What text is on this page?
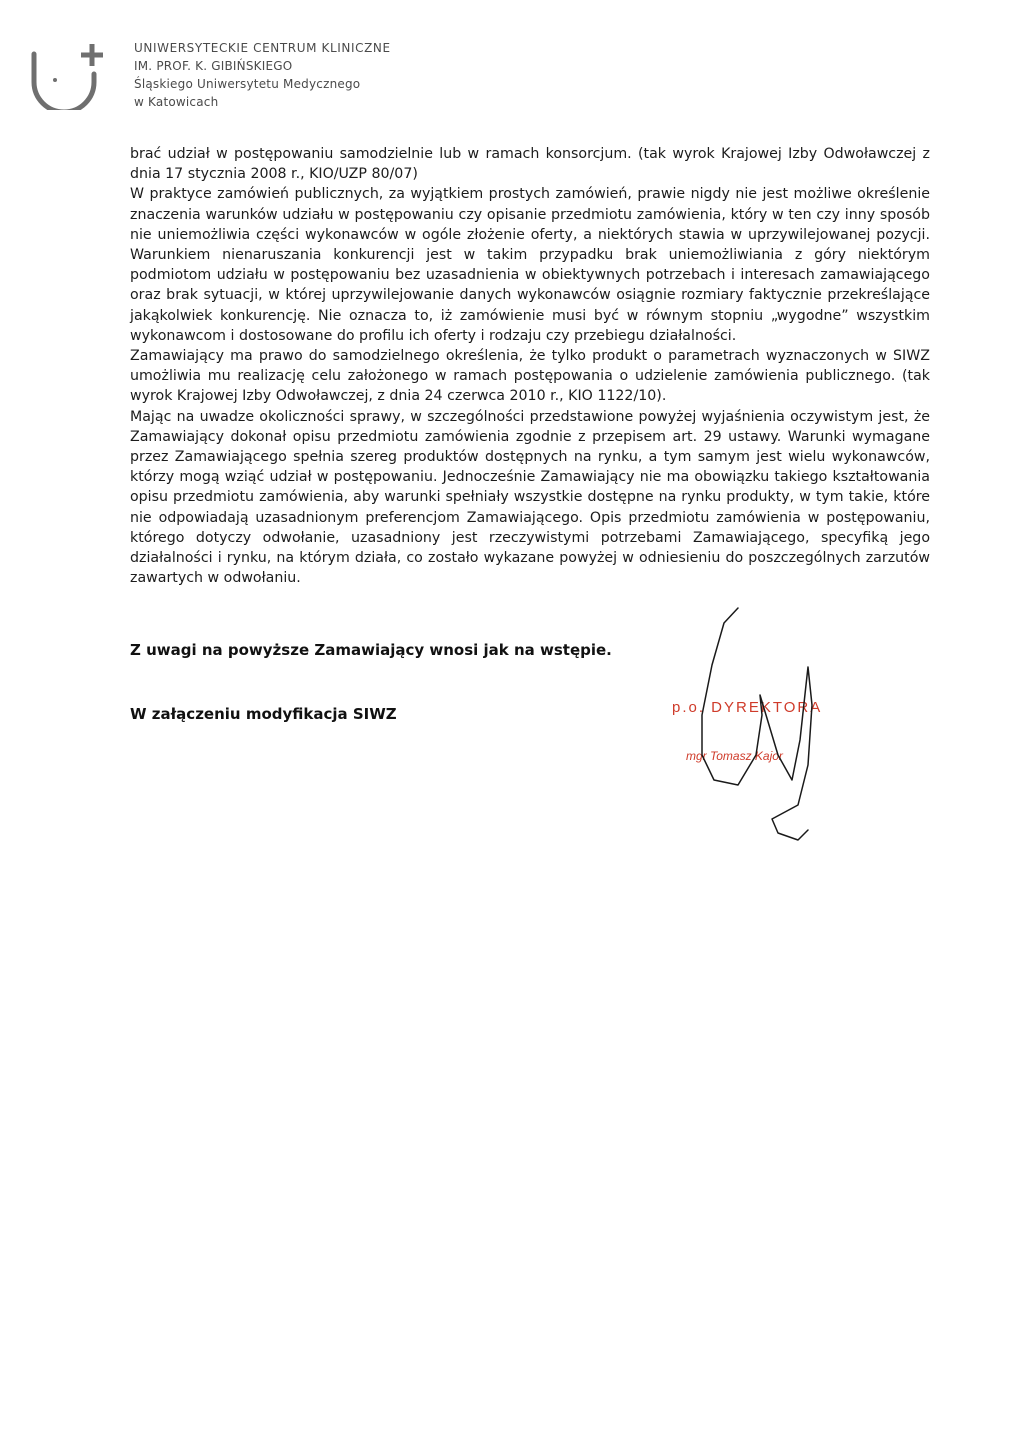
UNIWERSYTECKIE CENTRUM KLINICZNE
IM. PROF. K. GIBIŃSKIEGO
Śląskiego Uniwersytetu Medycznego
w Katowicach

brać udział w postępowaniu samodzielnie lub w ramach konsorcjum. (tak wyrok Krajowej Izby Odwoławczej z dnia 17 stycznia 2008 r., KIO/UZP 80/07)

W praktyce zamówień publicznych, za wyjątkiem prostych zamówień, prawie nigdy nie jest możliwe określenie znaczenia warunków udziału w postępowaniu czy opisanie przedmiotu zamówienia, który w ten czy inny sposób nie uniemożliwia części wykonawców w ogóle złożenie oferty, a niektórych stawia w uprzywilejowanej pozycji. Warunkiem nienaruszania konkurencji jest w takim przypadku brak uniemożliwiania z góry niektórym podmiotom udziału w postępowaniu bez uzasadnienia w obiektywnych potrzebach i interesach zamawiającego oraz brak sytuacji, w której uprzywilejowanie danych wykonawców osiągnie rozmiary faktycznie przekreślające jakąkolwiek konkurencję. Nie oznacza to, iż zamówienie musi być w równym stopniu „wygodne” wszystkim wykonawcom i dostosowane do profilu ich oferty i rodzaju czy przebiegu działalności.

Zamawiający ma prawo do samodzielnego określenia, że tylko produkt o parametrach wyznaczonych w SIWZ umożliwia mu realizację celu założonego w ramach postępowania o udzielenie zamówienia publicznego. (tak wyrok Krajowej Izby Odwoławczej, z dnia 24 czerwca 2010 r., KIO 1122/10).

Mając na uwadze okoliczności sprawy, w szczególności przedstawione powyżej wyjaśnienia oczywistym jest, że Zamawiający dokonał opisu przedmiotu zamówienia zgodnie z przepisem art. 29 ustawy. Warunki wymagane przez Zamawiającego spełnia szereg produktów dostępnych na rynku, a tym samym jest wielu wykonawców, którzy mogą wziąć udział w postępowaniu. Jednocześnie Zamawiający nie ma obowiązku takiego kształtowania opisu przedmiotu zamówienia, aby warunki spełniały wszystkie dostępne na rynku produkty, w tym takie, które nie odpowiadają uzasadnionym preferencjom Zamawiającego. Opis przedmiotu zamówienia w postępowaniu, którego dotyczy odwołanie, uzasadniony jest rzeczywistymi potrzebami Zamawiającego, specyfiką jego działalności i rynku, na którym działa, co zostało wykazane powyżej w odniesieniu do poszczególnych zarzutów zawartych w odwołaniu.

Z uwagi na powyższe Zamawiający wnosi jak na wstępie.
W załączeniu modyfikacja SIWZ	p.o. DYREKTORA
mgr Tomasz Kajor
